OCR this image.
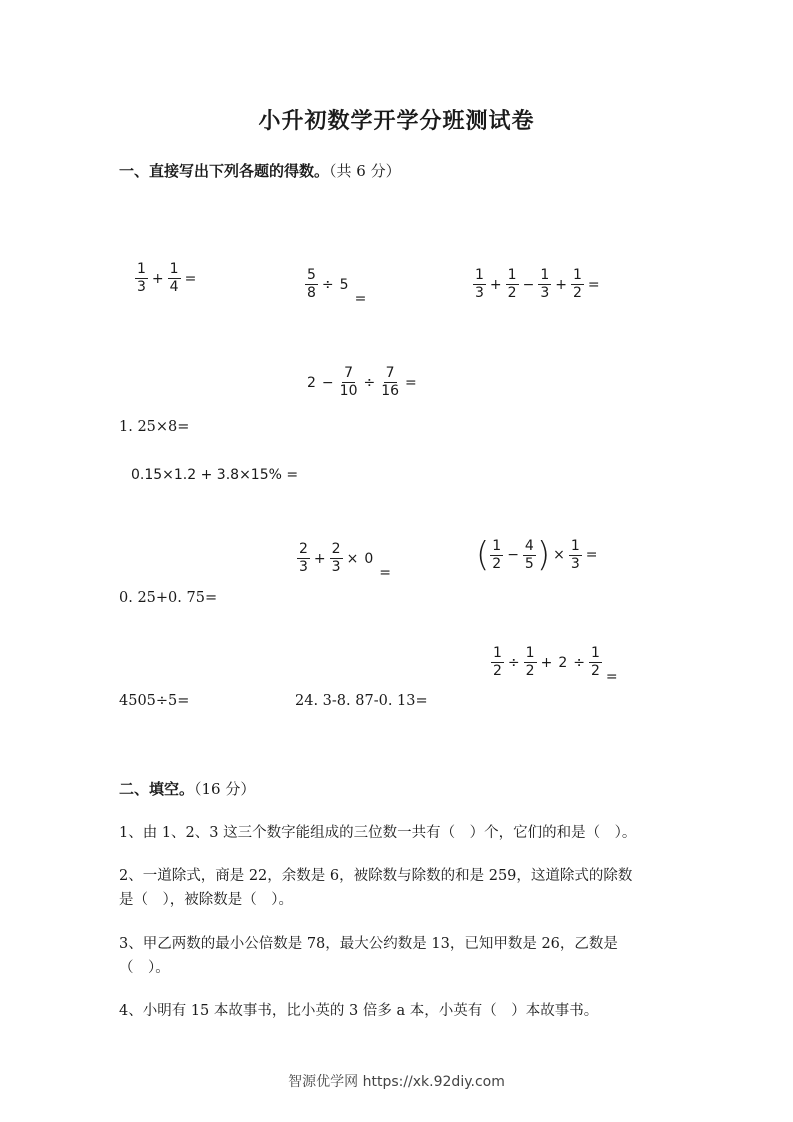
小升初数学开学分班测试卷
一、直接写出下列各题的得数。（共 6 分）
$\frac{1}{3} + \frac{1}{4}$ =	$\frac{5}{8} \div 5=$	$\frac{1}{3} + \frac{1}{2} - \frac{1}{3} + \frac{1}{2}$ =
$2 - \frac{7}{10} \div \frac{7}{16}$ =
1. 25×8=
0.15×1.2 + 3.8×15% =
$\frac{2}{3} + \frac{2}{3} \times 0=$	( $\frac{1}{2} - \frac{4}{5}$ ) × $\frac{1}{3}$ =
0. 25+0. 75=
$\frac{1}{2} \div \frac{1}{2} + 2 \div \frac{1}{2}$ =
4505÷5=	24. 3-8. 87-0. 13=
二、填空。（16 分）
1、由 1、2、3 这三个数字能组成的三位数一共有（　）个，它们的和是（　）。
2、一道除式，商是 22，余数是 6，被除数与除数的和是 259，这道除式的除数
是（　），被除数是（　）。
3、甲乙两数的最小公倍数是 78，最大公约数是 13，已知甲数是 26，乙数是
（　）。
4、小明有 15 本故事书，比小英的 3 倍多 a 本，小英有（　）本故事书。
智源优学网 https://xk.92diy.com
